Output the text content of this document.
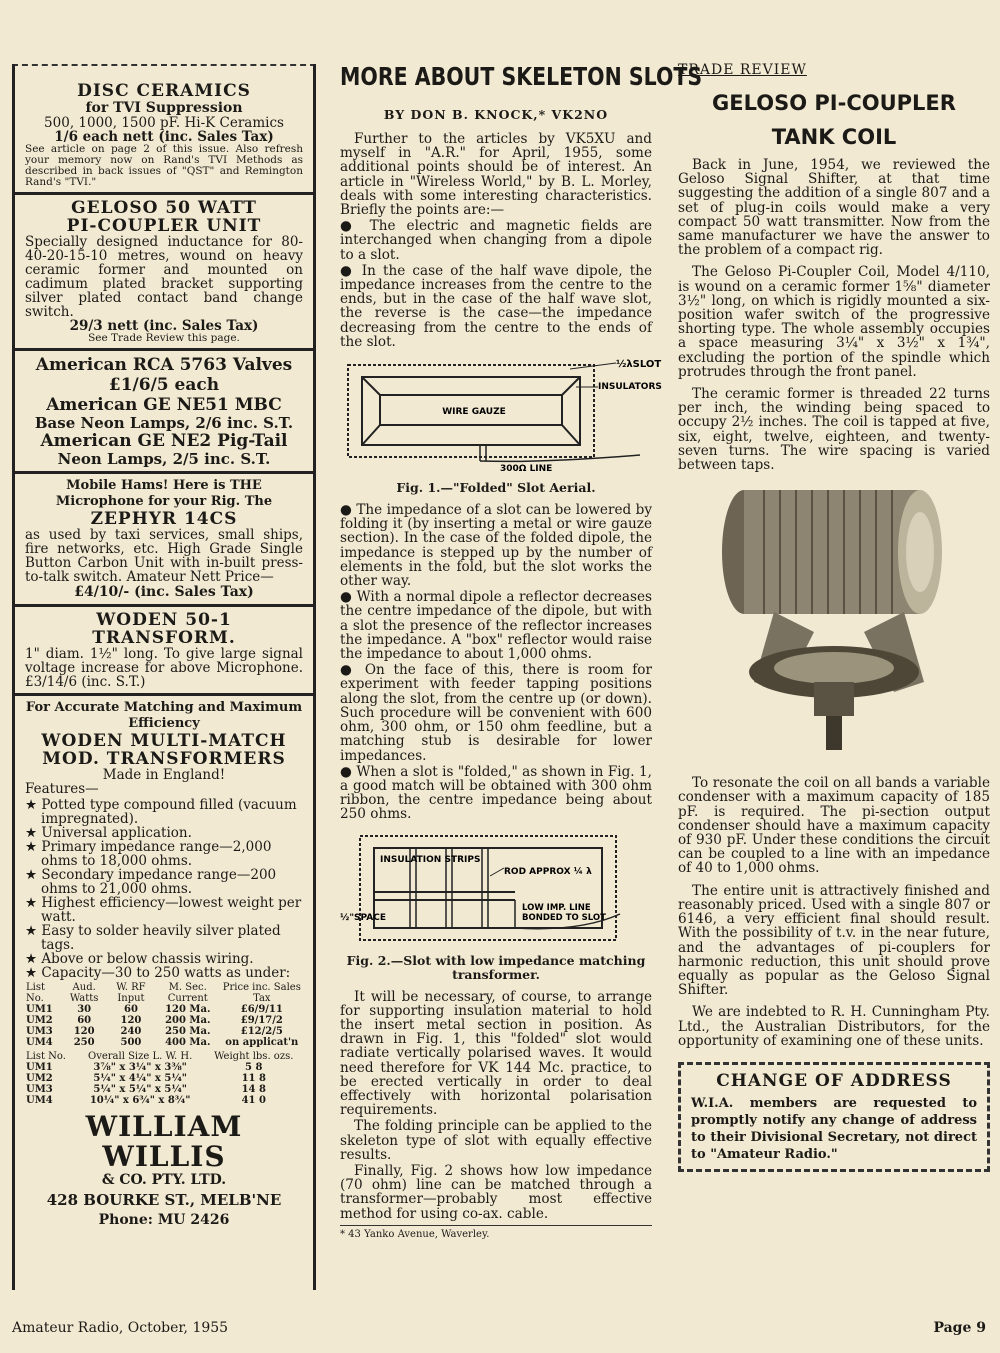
DISC CERAMICS
for TVI Suppression
500, 1000, 1500 pF. Hi-K Ceramics
1/6 each nett (inc. Sales Tax)
See article on page 2 of this issue. Also refresh your memory now on Rand's TVI Methods as described in back issues of "QST" and Remington Rand's "TVI."
GELOSO 50 WATT
PI-COUPLER UNIT
Specially designed inductance for 80-40-20-15-10 metres, wound on heavy ceramic former and mounted on cadimum plated bracket supporting silver plated contact band change switch.
29/3 nett (inc. Sales Tax)
See Trade Review this page.
American RCA 5763 Valves
£1/6/5 each
American GE NE51 MBC
Base Neon Lamps, 2/6 inc. S.T.
American GE NE2 Pig-Tail
Neon Lamps, 2/5 inc. S.T.
Mobile Hams! Here is THE Microphone for your Rig. The
ZEPHYR 14CS
as used by taxi services, small ships, fire networks, etc. High Grade Single Button Carbon Unit with in-built press-to-talk switch. Amateur Nett Price—
£4/10/- (inc. Sales Tax)
WODEN 50-1 TRANSFORM.
1" diam. 1½" long. To give large signal voltage increase for above Microphone. £3/14/6 (inc. S.T.)
For Accurate Matching and Maximum Efficiency
WODEN MULTI-MATCH
MOD. TRANSFORMERS
Made in England!
Features—
★ Potted type compound filled (vacuum impregnated).
★ Universal application.
★ Primary impedance range—2,000 ohms to 18,000 ohms.
★ Secondary impedance range—200 ohms to 21,000 ohms.
★ Highest efficiency—lowest weight per watt.
★ Easy to solder heavily silver plated tags.
★ Above or below chassis wiring.
★ Capacity—30 to 250 watts as under:
List No.	Aud. Watts	W. RF Input	M. Sec. Current	Price inc. Sales Tax
UM1	30	60	120 Ma.	£6/9/11
UM2	60	120	200 Ma.	£9/17/2
UM3	120	240	250 Ma.	£12/2/5
UM4	250	500	400 Ma.	on applicat'n
List No.	Overall Size L. W. H.	Weight lbs. ozs.
UM1	3⅞" x 3¼" x 3⅜"	5 8
UM2	5¼" x 4¼" x 5¼"	11 8
UM3	5¼" x 5¼" x 5¼"	14 8
UM4	10¼" x 6¾" x 8¾"	41 0
WILLIAM WILLIS
& CO. PTY. LTD.
428 BOURKE ST., MELB'NE
Phone: MU 2426
MORE ABOUT SKELETON SLOTS
BY DON B. KNOCK,* VK2NO

Further to the articles by VK5XU and myself in "A.R." for April, 1955, some additional points should be of interest. An article in "Wireless World," by B. L. Morley, deals with some interesting characteristics. Briefly the points are:—

● The electric and magnetic fields are interchanged when changing from a dipole to a slot.

● In the case of the half wave dipole, the impedance increases from the centre to the ends, but in the case of the half wave slot, the reverse is the case—the impedance decreasing from the centre to the ends of the slot.

½λSLOT
INSULATORS
WIRE GAUZE
300Ω LINE
Fig. 1.—"Folded" Slot Aerial.

● The impedance of a slot can be lowered by folding it (by inserting a metal or wire gauze section). In the case of the folded dipole, the impedance is stepped up by the number of elements in the fold, but the slot works the other way.

● With a normal dipole a reflector decreases the centre impedance of the dipole, but with a slot the presence of the reflector increases the impedance. A "box" reflector would raise the impedance to about 1,000 ohms.

● On the face of this, there is room for experiment with feeder tapping positions along the slot, from the centre up (or down). Such procedure will be convenient with 600 ohm, 300 ohm, or 150 ohm feedline, but a matching stub is desirable for lower impedances.

● When a slot is "folded," as shown in Fig. 1, a good match will be obtained with 300 ohm ribbon, the centre impedance being about 250 ohms.

INSULATION STRIPS
ROD APPROX ¼ λ
½"SPACE
LOW IMP. LINE
BONDED TO SLOT
Fig. 2.—Slot with low impedance matching transformer.

It will be necessary, of course, to arrange for supporting insulation material to hold the insert metal section in position. As drawn in Fig. 1, this "folded" slot would radiate vertically polarised waves. It would need therefore for VK 144 Mc. practice, to be erected vertically in order to deal effectively with horizontal polarisation requirements.

The folding principle can be applied to the skeleton type of slot with equally effective results.

Finally, Fig. 2 shows how low impedance (70 ohm) line can be matched through a transformer—probably most effective method for using co-ax. cable.

* 43 Yanko Avenue, Waverley.
TRADE REVIEW
GELOSO PI-COUPLER
TANK COIL

Back in June, 1954, we reviewed the Geloso Signal Shifter, at that time suggesting the addition of a single 807 and a set of plug-in coils would make a very compact 50 watt transmitter. Now from the same manufacturer we have the answer to the problem of a compact rig.

The Geloso Pi-Coupler Coil, Model 4/110, is wound on a ceramic former 1⅝" diameter 3½" long, on which is rigidly mounted a six-position wafer switch of the progressive shorting type. The whole assembly occupies a space measuring 3¼" x 3½" x 1¾", excluding the portion of the spindle which protrudes through the front panel.

The ceramic former is threaded 22 turns per inch, the winding being spaced to occupy 2½ inches. The coil is tapped at five, six, eight, twelve, eighteen, and twenty-seven turns. The wire spacing is varied between taps.

To resonate the coil on all bands a variable condenser with a maximum capacity of 185 pF. is required. The pi-section output condenser should have a maximum capacity of 930 pF. Under these conditions the circuit can be coupled to a line with an impedance of 40 to 1,000 ohms.

The entire unit is attractively finished and reasonably priced. Used with a single 807 or 6146, a very efficient final should result. With the possibility of t.v. in the near future, and the advantages of pi-couplers for harmonic reduction, this unit should prove equally as popular as the Geloso Signal Shifter.

We are indebted to R. H. Cunningham Pty. Ltd., the Australian Distributors, for the opportunity of examining one of these units.

CHANGE OF ADDRESS
W.I.A. members are requested to promptly notify any change of address to their Divisional Secretary, not direct to "Amateur Radio."
Amateur Radio, October, 1955	Page 9
